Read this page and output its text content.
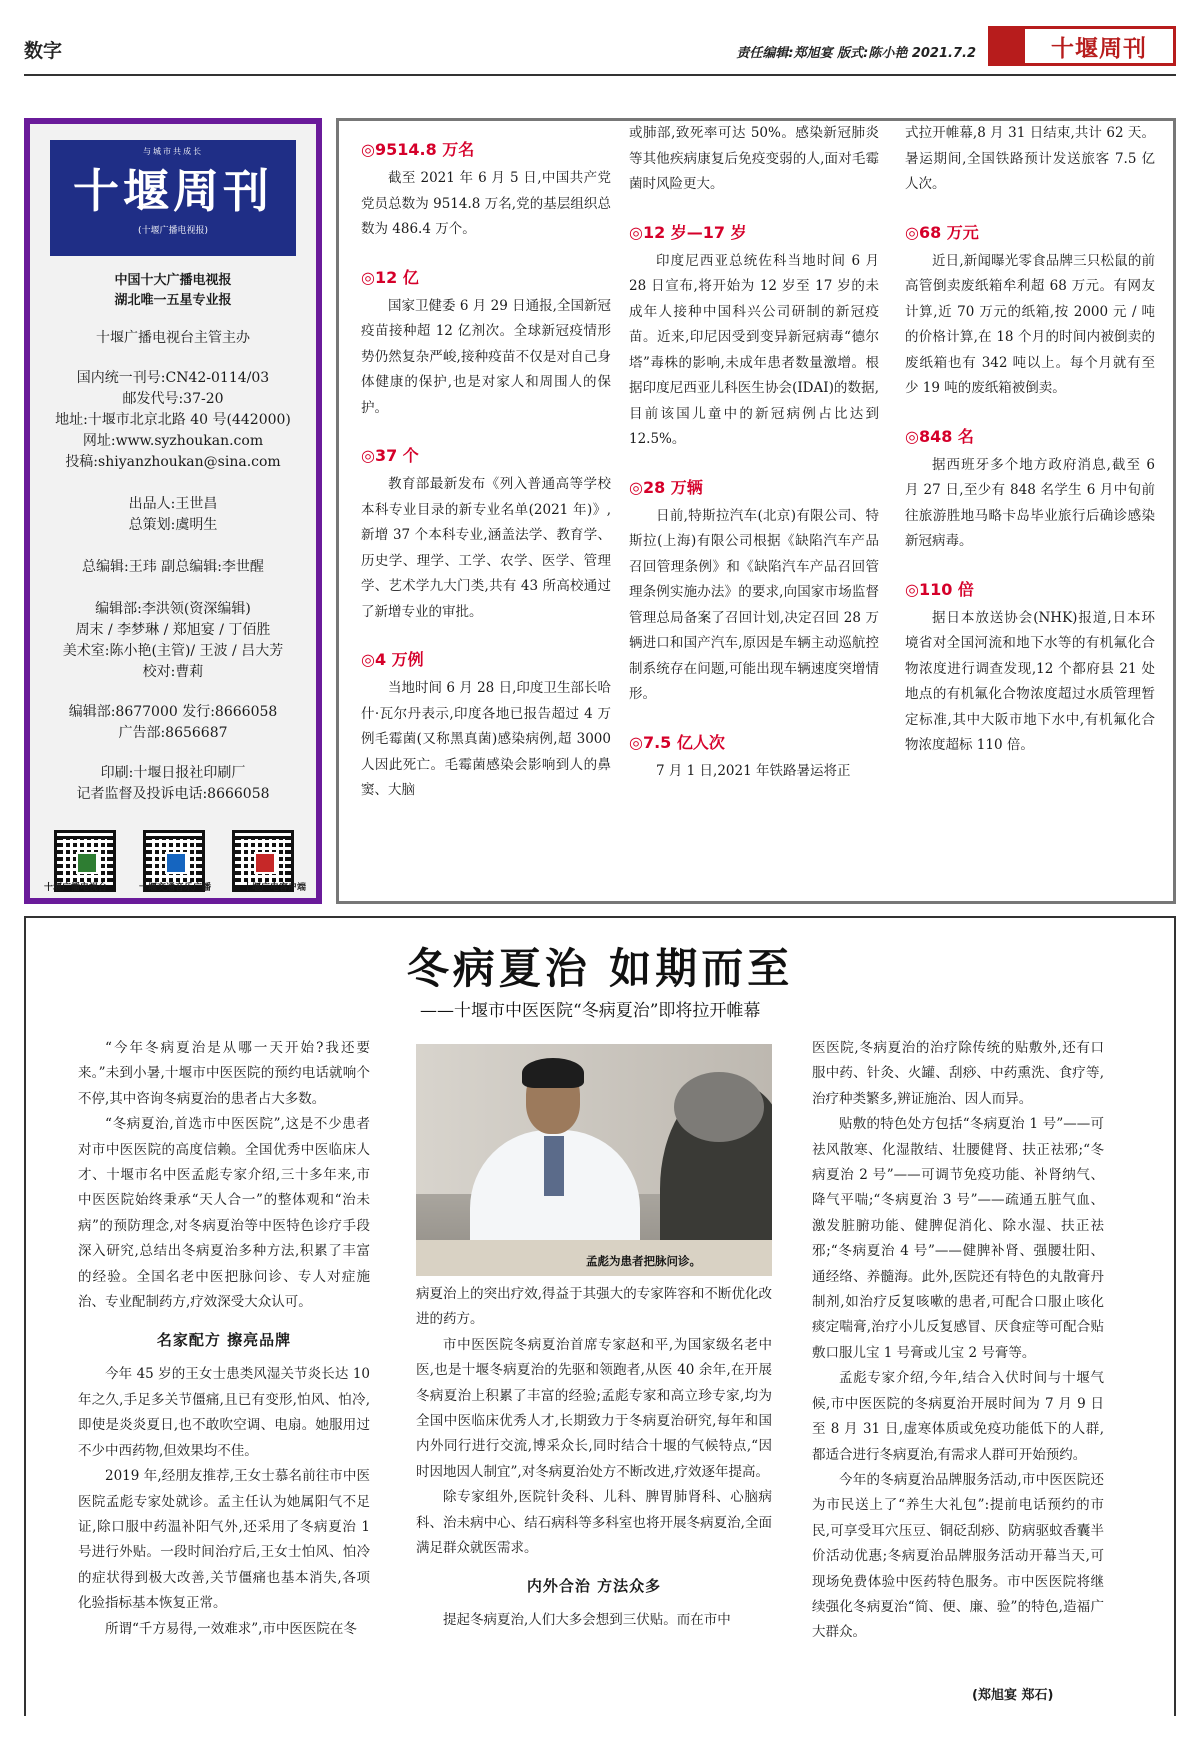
数字	责任编辑:郑旭宴 版式:陈小艳 2021.7.2	十堰周刊
与城市共成长
十堰周刊
(十堰广播电视报)
中国十大广播电视报
湖北唯一五星专业报
十堰广播电视台主管主办
国内统一刊号:CN42-0114/03
邮发代号:37-20
地址:十堰市北京北路 40 号(442000)
网址:www.syzhoukan.com
投稿:shiyanzhoukan@sina.com
出品人:王世昌
总策划:虞明生
总编辑:王玮 副总编辑:李世醒
编辑部:李洪领(资深编辑)
周末 / 李梦琳 / 郑旭宴 / 丁佰胜
美术室:陈小艳(主管)/ 王波 / 吕大芳
校对:曹莉
编辑部:8677000 发行:8666058
广告部:8656687
印刷:十堰日报社印刷厂
记者监督及投诉电话:8666058
十堰广播电视台	十堰交通音乐广播	十堰广电客户端
◎9514.8 万名
截至 2021 年 6 月 5 日,中国共产党党员总数为 9514.8 万名,党的基层组织总数为 486.4 万个。
◎12 亿
国家卫健委 6 月 29 日通报,全国新冠疫苗接种超 12 亿剂次。全球新冠疫情形势仍然复杂严峻,接种疫苗不仅是对自己身体健康的保护,也是对家人和周围人的保护。
◎37 个
教育部最新发布《列入普通高等学校本科专业目录的新专业名单(2021 年)》,新增 37 个本科专业,涵盖法学、教育学、历史学、理学、工学、农学、医学、管理学、艺术学九大门类,共有 43 所高校通过了新增专业的审批。
◎4 万例
当地时间 6 月 28 日,印度卫生部长哈什·瓦尔丹表示,印度各地已报告超过 4 万例毛霉菌(又称黑真菌)感染病例,超 3000 人因此死亡。毛霉菌感染会影响到人的鼻窦、大脑
或肺部,致死率可达 50%。感染新冠肺炎等其他疾病康复后免疫变弱的人,面对毛霉菌时风险更大。
◎12 岁—17 岁
印度尼西亚总统佐科当地时间 6 月 28 日宣布,将开始为 12 岁至 17 岁的未成年人接种中国科兴公司研制的新冠疫苗。近来,印尼因受到变异新冠病毒“德尔塔”毒株的影响,未成年患者数量激增。根据印度尼西亚儿科医生协会(IDAI)的数据,目前该国儿童中的新冠病例占比达到 12.5%。
◎28 万辆
日前,特斯拉汽车(北京)有限公司、特斯拉(上海)有限公司根据《缺陷汽车产品召回管理条例》和《缺陷汽车产品召回管理条例实施办法》的要求,向国家市场监督管理总局备案了召回计划,决定召回 28 万辆进口和国产汽车,原因是车辆主动巡航控制系统存在问题,可能出现车辆速度突增情形。
◎7.5 亿人次
7 月 1 日,2021 年铁路暑运将正
式拉开帷幕,8 月 31 日结束,共计 62 天。暑运期间,全国铁路预计发送旅客 7.5 亿人次。
◎68 万元
近日,新闻曝光零食品牌三只松鼠的前高管倒卖废纸箱牟利超 68 万元。有网友计算,近 70 万元的纸箱,按 2000 元 / 吨的价格计算,在 18 个月的时间内被倒卖的废纸箱也有 342 吨以上。每个月就有至少 19 吨的废纸箱被倒卖。
◎848 名
据西班牙多个地方政府消息,截至 6 月 27 日,至少有 848 名学生 6 月中旬前往旅游胜地马略卡岛毕业旅行后确诊感染新冠病毒。
◎110 倍
据日本放送协会(NHK)报道,日本环境省对全国河流和地下水等的有机氟化合物浓度进行调查发现,12 个都府县 21 处地点的有机氟化合物浓度超过水质管理暂定标准,其中大阪市地下水中,有机氟化合物浓度超标 110 倍。
冬病夏治 如期而至
——十堰市中医医院“冬病夏治”即将拉开帷幕

“今年冬病夏治是从哪一天开始?我还要来。”未到小暑,十堰市中医医院的预约电话就响个不停,其中咨询冬病夏治的患者占大多数。

“冬病夏治,首选市中医医院”,这是不少患者对市中医医院的高度信赖。全国优秀中医临床人才、十堰市名中医孟彪专家介绍,三十多年来,市中医医院始终秉承“天人合一”的整体观和“治未病”的预防理念,对冬病夏治等中医特色诊疗手段深入研究,总结出冬病夏治多种方法,积累了丰富的经验。全国名老中医把脉问诊、专人对症施治、专业配制药方,疗效深受大众认可。

名家配方 擦亮品牌

今年 45 岁的王女士患类风湿关节炎长达 10 年之久,手足多关节僵痛,且已有变形,怕风、怕冷,即使是炎炎夏日,也不敢吹空调、电扇。她服用过不少中西药物,但效果均不佳。

2019 年,经朋友推荐,王女士慕名前往市中医医院孟彪专家处就诊。孟主任认为她属阳气不足证,除口服中药温补阳气外,还采用了冬病夏治 1 号进行外贴。一段时间治疗后,王女士怕风、怕冷的症状得到极大改善,关节僵痛也基本消失,各项化验指标基本恢复正常。

所谓“千方易得,一效难求”,市中医医院在冬

孟彪为患者把脉问诊。

病夏治上的突出疗效,得益于其强大的专家阵容和不断优化改进的药方。

市中医医院冬病夏治首席专家赵和平,为国家级名老中医,也是十堰冬病夏治的先驱和领跑者,从医 40 余年,在开展冬病夏治上积累了丰富的经验;孟彪专家和高立珍专家,均为全国中医临床优秀人才,长期致力于冬病夏治研究,每年和国内外同行进行交流,博采众长,同时结合十堰的气候特点,“因时因地因人制宜”,对冬病夏治处方不断改进,疗效逐年提高。

除专家组外,医院针灸科、儿科、脾胃肺肾科、心脑病科、治未病中心、结石病科等多科室也将开展冬病夏治,全面满足群众就医需求。

内外合治 方法众多

提起冬病夏治,人们大多会想到三伏贴。而在市中

医医院,冬病夏治的治疗除传统的贴敷外,还有口服中药、针灸、火罐、刮痧、中药熏洗、食疗等,治疗种类繁多,辨证施治、因人而异。

贴敷的特色处方包括“冬病夏治 1 号”——可祛风散寒、化湿散结、壮腰健肾、扶正祛邪;“冬病夏治 2 号”——可调节免疫功能、补肾纳气、降气平喘;“冬病夏治 3 号”——疏通五脏气血、激发脏腑功能、健脾促消化、除水湿、扶正祛邪;“冬病夏治 4 号”——健脾补肾、强腰壮阳、通经络、养髓海。此外,医院还有特色的丸散膏丹制剂,如治疗反复咳嗽的患者,可配合口服止咳化痰定喘膏,治疗小儿反复感冒、厌食症等可配合贴敷口服儿宝 1 号膏或儿宝 2 号膏等。

孟彪专家介绍,今年,结合入伏时间与十堰气候,市中医医院的冬病夏治开展时间为 7 月 9 日至 8 月 31 日,虚寒体质或免疫功能低下的人群,都适合进行冬病夏治,有需求人群可开始预约。

今年的冬病夏治品牌服务活动,市中医医院还为市民送上了“养生大礼包”:提前电话预约的市民,可享受耳穴压豆、铜砭刮痧、防病驱蚊香囊半价活动优惠;冬病夏治品牌服务活动开幕当天,可现场免费体验中医药特色服务。市中医医院将继续强化冬病夏治“简、便、廉、验”的特色,造福广大群众。

(郑旭宴 郑石)
